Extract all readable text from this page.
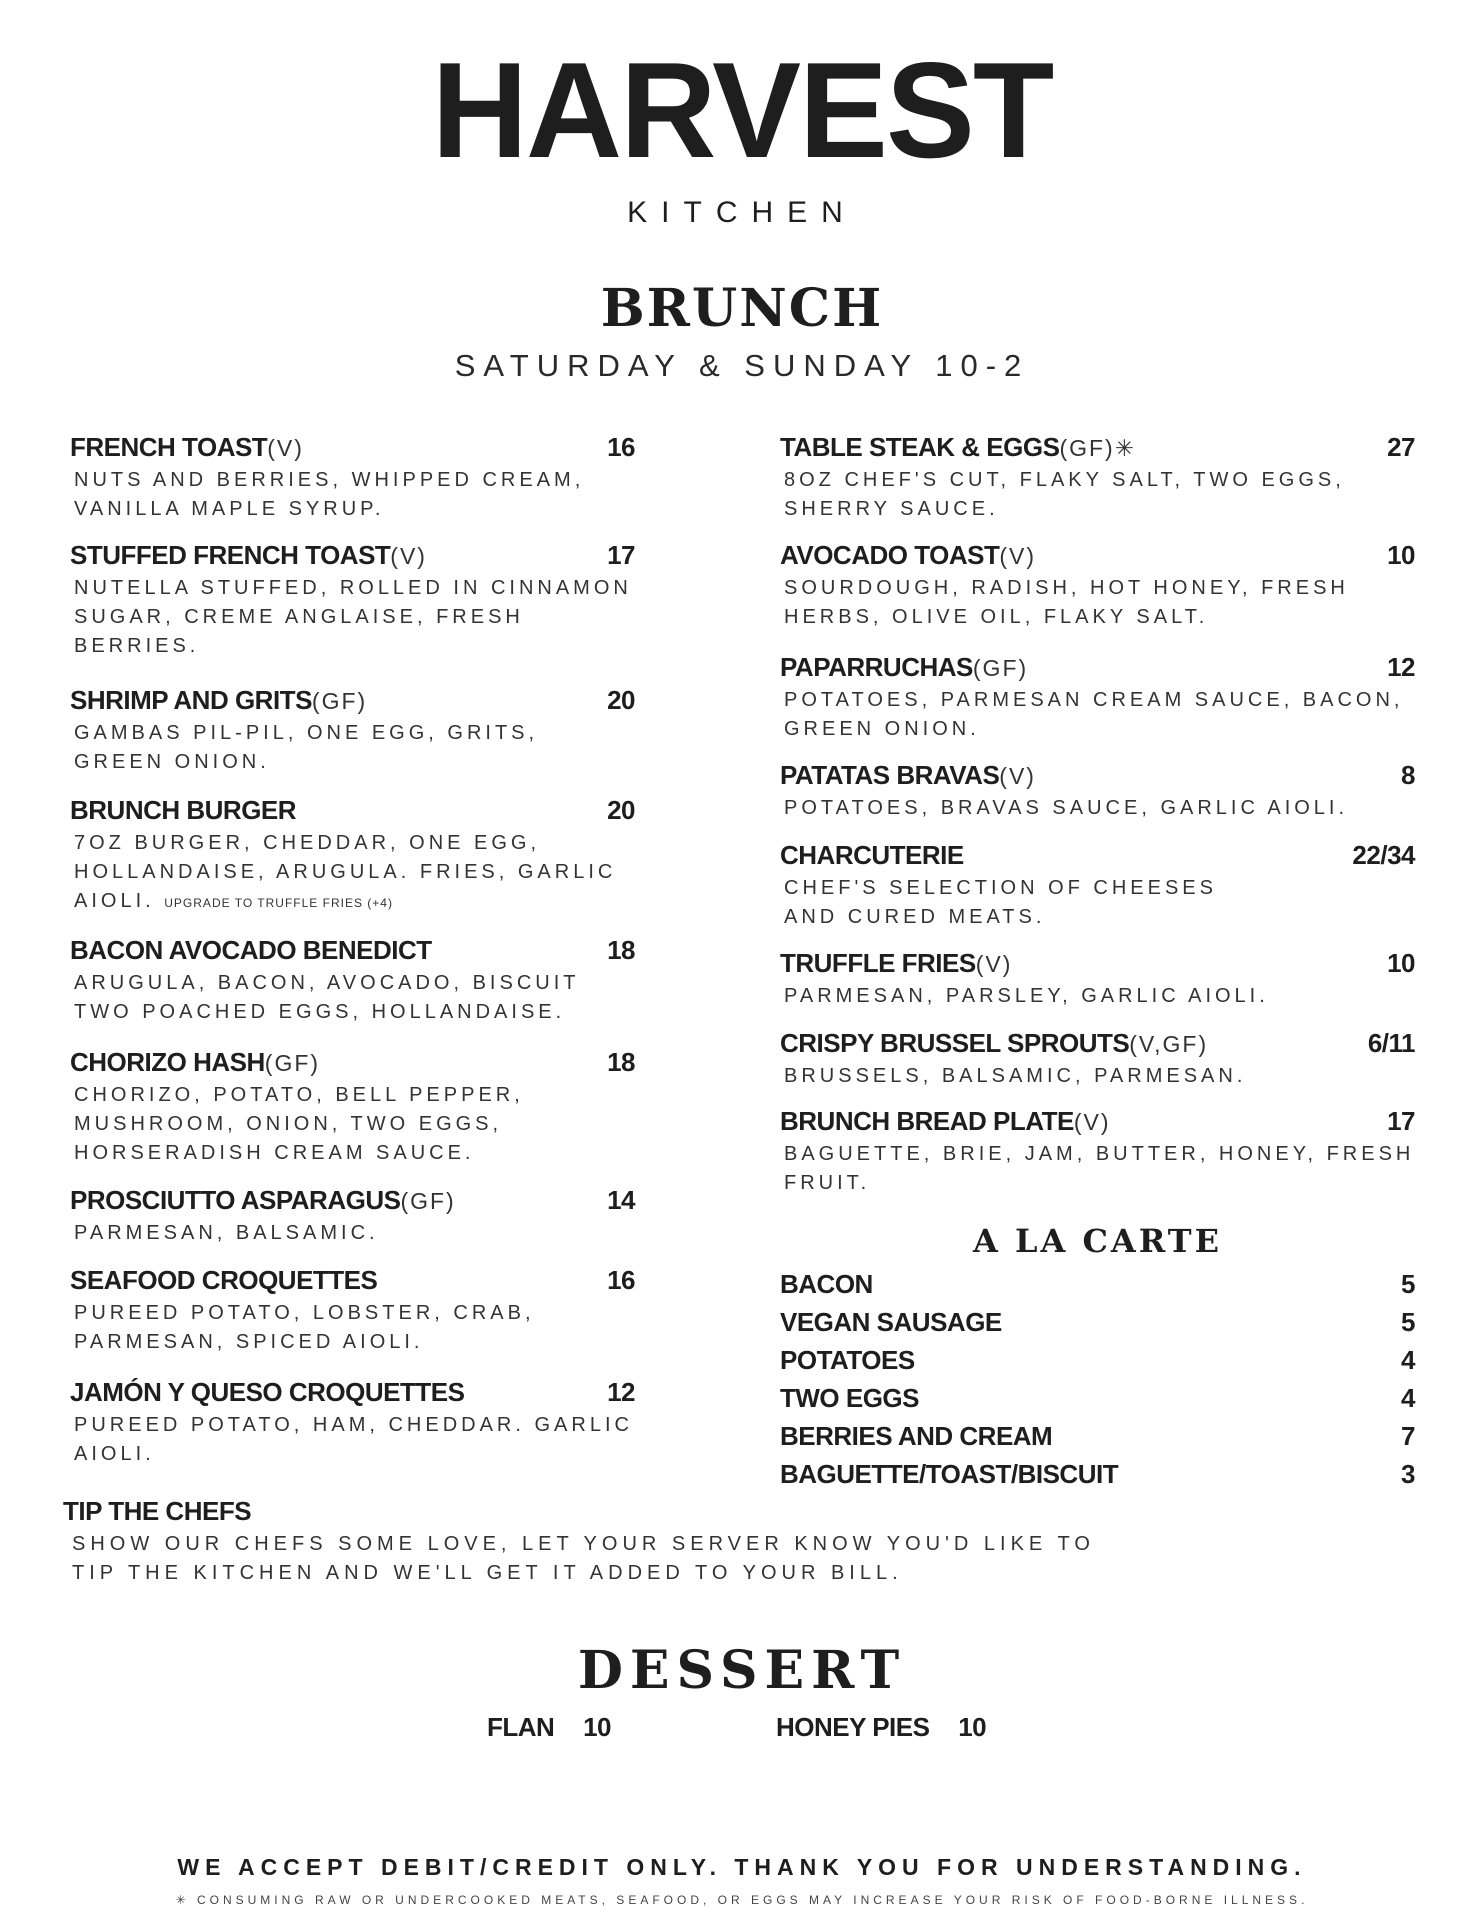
HARVEST
KITCHEN
BRUNCH
SATURDAY & SUNDAY 10-2
FRENCH TOAST(V)	16
NUTS AND BERRIES, WHIPPED CREAM, VANILLA MAPLE SYRUP.
STUFFED FRENCH TOAST(V)	17
NUTELLA STUFFED, ROLLED IN CINNAMON SUGAR, CREME ANGLAISE, FRESH BERRIES.
SHRIMP AND GRITS(GF)	20
GAMBAS PIL-PIL, ONE EGG, GRITS, GREEN ONION.
BRUNCH BURGER	20
7OZ BURGER, CHEDDAR, ONE EGG, HOLLANDAISE, ARUGULA. FRIES, GARLIC AIOLI. UPGRADE TO TRUFFLE FRIES (+4)
BACON AVOCADO BENEDICT	18
ARUGULA, BACON, AVOCADO, BISCUIT TWO POACHED EGGS, HOLLANDAISE.
CHORIZO HASH(GF)	18
CHORIZO, POTATO, BELL PEPPER, MUSHROOM, ONION, TWO EGGS, HORSERADISH CREAM SAUCE.
PROSCIUTTO ASPARAGUS(GF)	14
PARMESAN, BALSAMIC.
SEAFOOD CROQUETTES	16
PUREED POTATO, LOBSTER, CRAB, PARMESAN, SPICED AIOLI.
JAMÓN Y QUESO CROQUETTES	12
PUREED POTATO, HAM, CHEDDAR. GARLIC AIOLI.
TABLE STEAK & EGGS(GF)✳	27
8OZ CHEF'S CUT, FLAKY SALT, TWO EGGS, SHERRY SAUCE.
AVOCADO TOAST(V)	10
SOURDOUGH, RADISH, HOT HONEY, FRESH HERBS, OLIVE OIL, FLAKY SALT.
PAPARRUCHAS(GF)	12
POTATOES, PARMESAN CREAM SAUCE, BACON, GREEN ONION.
PATATAS BRAVAS(V)	8
POTATOES, BRAVAS SAUCE, GARLIC AIOLI.
CHARCUTERIE	22/34
CHEF'S SELECTION OF CHEESES AND CURED MEATS.
TRUFFLE FRIES(V)	10
PARMESAN, PARSLEY, GARLIC AIOLI.
CRISPY BRUSSEL SPROUTS(V,GF)	6/11
BRUSSELS, BALSAMIC, PARMESAN.
BRUNCH BREAD PLATE(V)	17
BAGUETTE, BRIE, JAM, BUTTER, HONEY, FRESH FRUIT.
A LA CARTE
BACON	5
VEGAN SAUSAGE	5
POTATOES	4
TWO EGGS	4
BERRIES AND CREAM	7
BAGUETTE/TOAST/BISCUIT	3
TIP THE CHEFS
SHOW OUR CHEFS SOME LOVE, LET YOUR SERVER KNOW YOU'D LIKE TO
TIP THE KITCHEN AND WE'LL GET IT ADDED TO YOUR BILL.
DESSERT
FLAN 10	HONEY PIES 10
WE ACCEPT DEBIT/CREDIT ONLY. THANK YOU FOR UNDERSTANDING.
✳ CONSUMING RAW OR UNDERCOOKED MEATS, SEAFOOD, OR EGGS MAY INCREASE YOUR RISK OF FOOD-BORNE ILLNESS.
